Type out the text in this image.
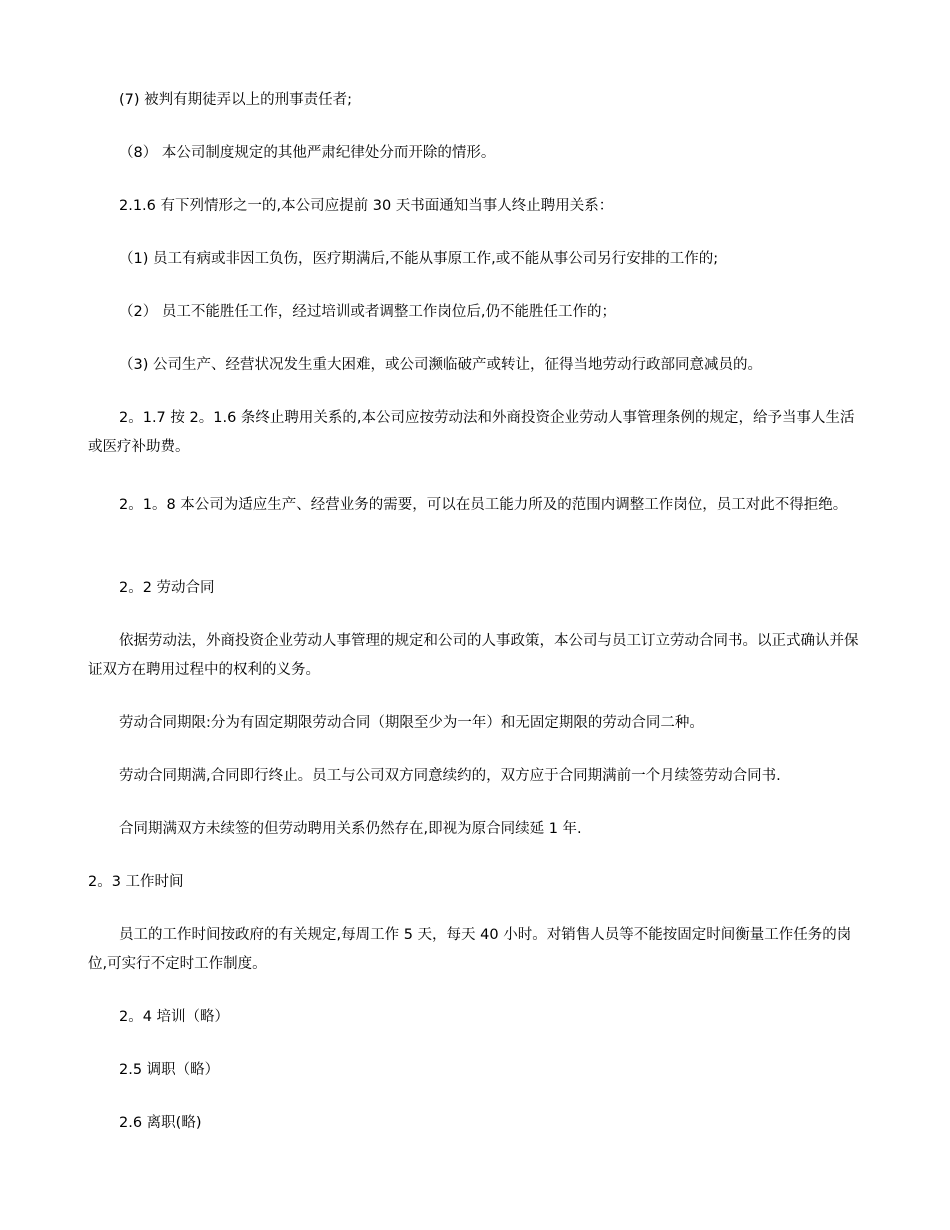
(7) 被判有期徒弄以上的刑事责任者;
（8） 本公司制度规定的其他严肃纪律处分而开除的情形。
2.1.6 有下列情形之一的,本公司应提前 30 天书面通知当事人终止聘用关系：
（1) 员工有病或非因工负伤，医疗期满后,不能从事原工作,或不能从事公司另行安排的工作的;
（2） 员工不能胜任工作，经过培训或者调整工作岗位后,仍不能胜任工作的；
（3) 公司生产、经营状况发生重大困难，或公司濒临破产或转让，征得当地劳动行政部同意减员的。
2。1.7 按 2。1.6 条终止聘用关系的,本公司应按劳动法和外商投资企业劳动人事管理条例的规定，给予当事人生活或医疗补助费。
2。1。8 本公司为适应生产、经营业务的需要，可以在员工能力所及的范围内调整工作岗位，员工对此不得拒绝。
2。2 劳动合同
依据劳动法，外商投资企业劳动人事管理的规定和公司的人事政策，本公司与员工订立劳动合同书。以正式确认并保证双方在聘用过程中的权利的义务。
劳动合同期限:分为有固定期限劳动合同（期限至少为一年）和无固定期限的劳动合同二种。
劳动合同期满,合同即行终止。员工与公司双方同意续约的，双方应于合同期满前一个月续签劳动合同书.
合同期满双方未续签的但劳动聘用关系仍然存在,即视为原合同续延 1 年.
2。3 工作时间
员工的工作时间按政府的有关规定,每周工作 5 天，每天 40 小时。对销售人员等不能按固定时间衡量工作任务的岗位,可实行不定时工作制度。
2。4 培训（略）
2.5 调职（略）
2.6 离职(略)
